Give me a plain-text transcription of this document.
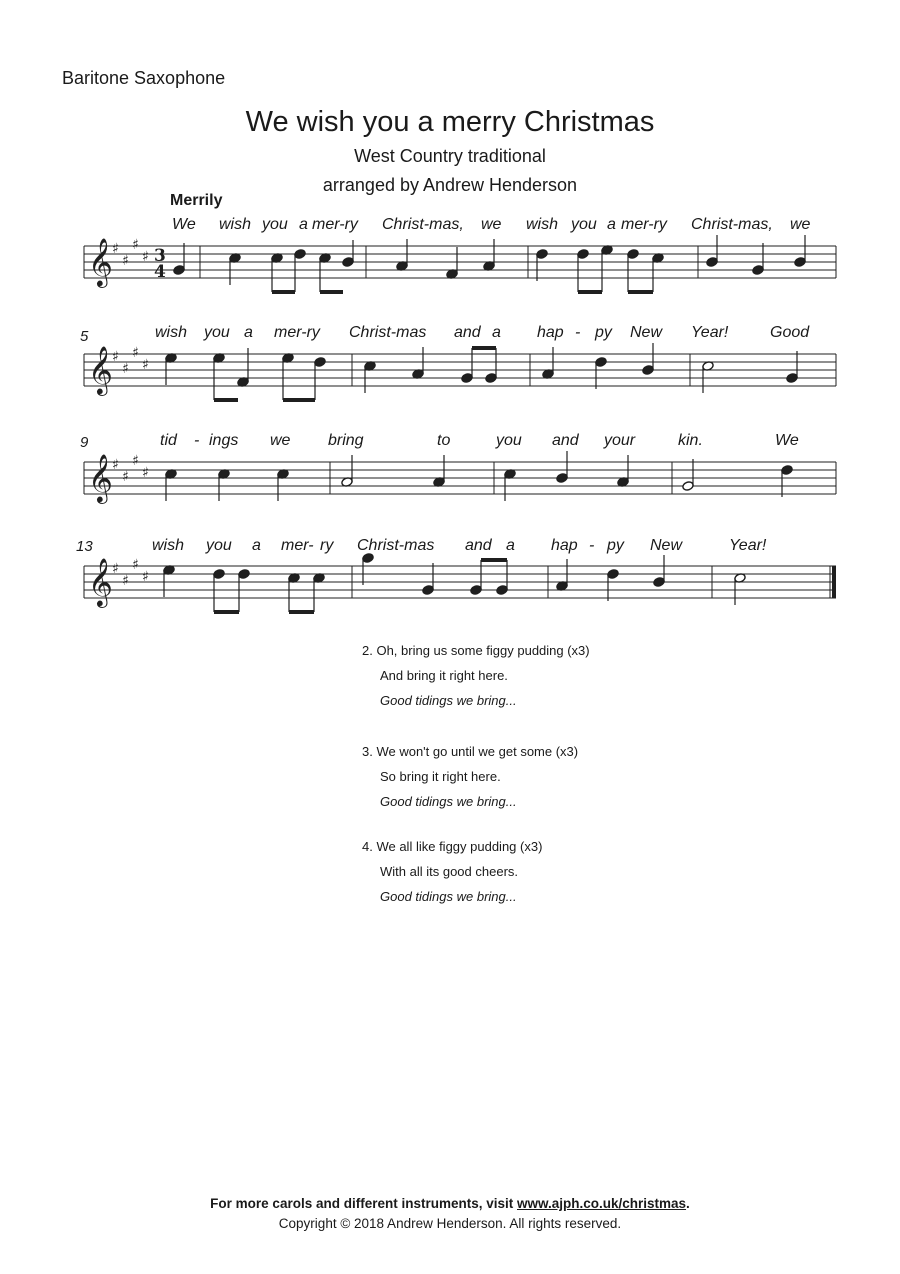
Baritone Saxophone
We wish you a merry Christmas
West Country traditional
arranged by Andrew Henderson
Merrily
𝄞 ♯
♯
♯
♯ 3
4
𝄞 ♯
♯
♯
♯
𝄞 ♯
♯
♯
♯
𝄞 ♯
♯
♯
♯
5
9
13
We wish you a mer-ry Christ-mas, we wish you a mer-ry Christ-mas, we
wish you a mer-ry Christ-mas and a hap - py New Year!	Good
tid - ings we bring	to	you and your	kin.	We
wish you a mer- ry Christ-mas and a hap - py New	Year!
2. Oh, bring us some figgy pudding (x3)
And bring it right here.
Good tidings we bring...
3. We won't go until we get some (x3)
So bring it right here.
Good tidings we bring...
4. We all like figgy pudding (x3)
With all its good cheers.
Good tidings we bring...
For more carols and different instruments, visit www.ajph.co.uk/christmas.
Copyright © 2018 Andrew Henderson. All rights reserved.
